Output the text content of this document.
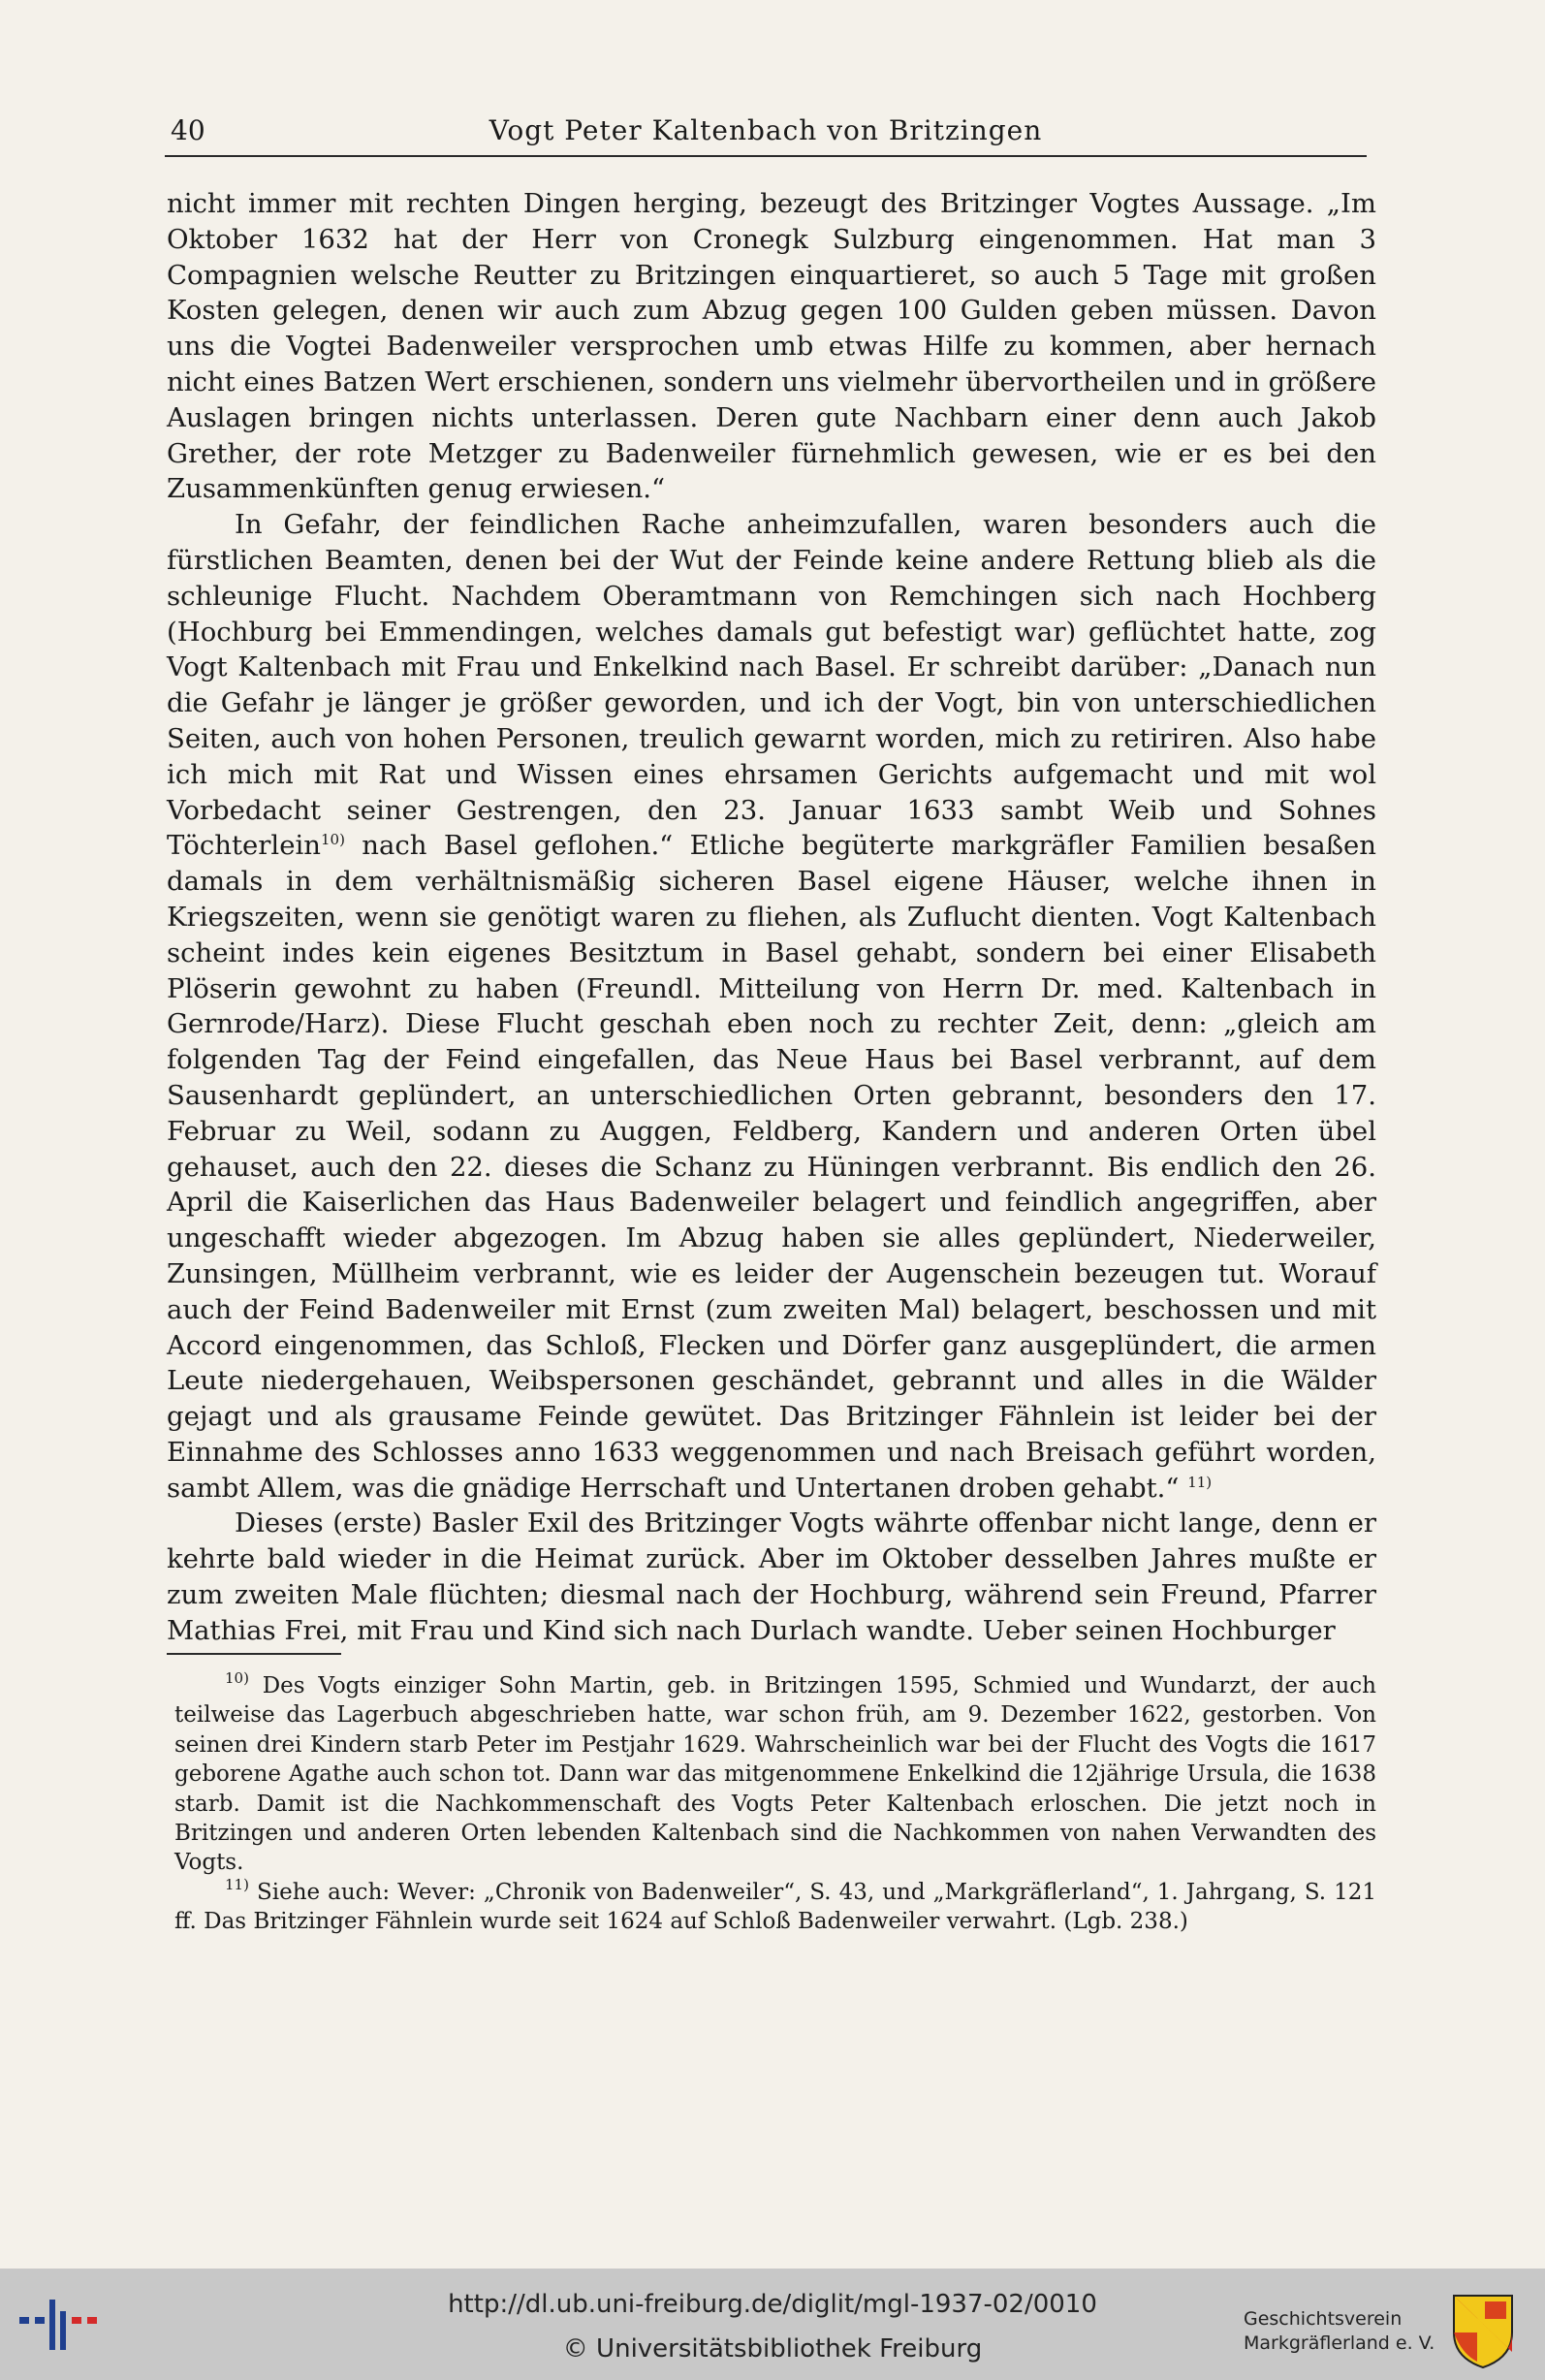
40	Vogt Peter Kaltenbach von Britzingen

nicht immer mit rechten Dingen herging, bezeugt des Britzinger Vogtes Aussage. „Im Oktober 1632 hat der Herr von Cronegk Sulzburg eingenommen. Hat man 3 Compagnien welsche Reutter zu Britzingen einquartieret, so auch 5 Tage mit großen Kosten gelegen, denen wir auch zum Abzug gegen 100 Gulden geben müssen. Davon uns die Vogtei Badenweiler versprochen umb etwas Hilfe zu kommen, aber hernach nicht eines Batzen Wert erschienen, sondern uns vielmehr übervortheilen und in größere Auslagen bringen nichts unterlassen. Deren gute Nachbarn einer denn auch Jakob Grether, der rote Metzger zu Badenweiler fürnehmlich gewesen, wie er es bei den Zusammenkünften genug erwiesen.“

In Gefahr, der feindlichen Rache anheimzufallen, waren besonders auch die fürstlichen Beamten, denen bei der Wut der Feinde keine andere Rettung blieb als die schleunige Flucht. Nachdem Oberamtmann von Remchingen sich nach Hochberg (Hochburg bei Emmendingen, welches damals gut befestigt war) geflüchtet hatte, zog Vogt Kaltenbach mit Frau und Enkelkind nach Basel. Er schreibt darüber: „Danach nun die Gefahr je länger je größer geworden, und ich der Vogt, bin von unterschiedlichen Seiten, auch von hohen Personen, treulich gewarnt worden, mich zu retiriren. Also habe ich mich mit Rat und Wissen eines ehrsamen Gerichts aufgemacht und mit wol Vorbedacht seiner Gestrengen, den 23. Januar 1633 sambt Weib und Sohnes Töchterlein$^{10)}$ nach Basel geflohen.“ Etliche begüterte markgräfler Familien besaßen damals in dem verhältnismäßig sicheren Basel eigene Häuser, welche ihnen in Kriegszeiten, wenn sie genötigt waren zu fliehen, als Zuflucht dienten. Vogt Kaltenbach scheint indes kein eigenes Besitztum in Basel gehabt, sondern bei einer Elisabeth Plöserin gewohnt zu haben (Freundl. Mitteilung von Herrn Dr. med. Kaltenbach in Gernrode/Harz). Diese Flucht geschah eben noch zu rechter Zeit, denn: „gleich am folgenden Tag der Feind eingefallen, das Neue Haus bei Basel verbrannt, auf dem Sausenhardt geplündert, an unterschiedlichen Orten gebrannt, besonders den 17. Februar zu Weil, sodann zu Auggen, Feldberg, Kandern und anderen Orten übel gehauset, auch den 22. dieses die Schanz zu Hüningen verbrannt. Bis endlich den 26. April die Kaiserlichen das Haus Badenweiler belagert und feindlich angegriffen, aber ungeschafft wieder abgezogen. Im Abzug haben sie alles geplündert, Niederweiler, Zunsingen, Müllheim verbrannt, wie es leider der Augenschein bezeugen tut. Worauf auch der Feind Badenweiler mit Ernst (zum zweiten Mal) belagert, beschossen und mit Accord eingenommen, das Schloß, Flecken und Dörfer ganz ausgeplündert, die armen Leute niedergehauen, Weibspersonen geschändet, gebrannt und alles in die Wälder gejagt und als grausame Feinde gewütet. Das Britzinger Fähnlein ist leider bei der Einnahme des Schlosses anno 1633 weggenommen und nach Breisach geführt worden, sambt Allem, was die gnädige Herrschaft und Untertanen droben gehabt.“ $^{11)}$

Dieses (erste) Basler Exil des Britzinger Vogts währte offenbar nicht lange, denn er kehrte bald wieder in die Heimat zurück. Aber im Oktober desselben Jahres mußte er zum zweiten Male flüchten; diesmal nach der Hochburg, während sein Freund, Pfarrer Mathias Frei, mit Frau und Kind sich nach Durlach wandte. Ueber seinen Hochburger

$^{10)}$ Des Vogts einziger Sohn Martin, geb. in Britzingen 1595, Schmied und Wundarzt, der auch teilweise das Lagerbuch abgeschrieben hatte, war schon früh, am 9. Dezember 1622, gestorben. Von seinen drei Kindern starb Peter im Pestjahr 1629. Wahrscheinlich war bei der Flucht des Vogts die 1617 geborene Agathe auch schon tot. Dann war das mitgenommene Enkelkind die 12jährige Ursula, die 1638 starb. Damit ist die Nachkommenschaft des Vogts Peter Kaltenbach erloschen. Die jetzt noch in Britzingen und anderen Orten lebenden Kaltenbach sind die Nachkommen von nahen Verwandten des Vogts.

$^{11)}$ Siehe auch: Wever: „Chronik von Badenweiler“, S. 43, und „Markgräflerland“, 1. Jahrgang, S. 121 ff. Das Britzinger Fähnlein wurde seit 1624 auf Schloß Badenweiler verwahrt. (Lgb. 238.)

http://dl.ub.uni-freiburg.de/diglit/mgl-1937-02/0010
© Universitätsbibliothek Freiburg
Geschichtsverein
Markgräflerland e. V.
